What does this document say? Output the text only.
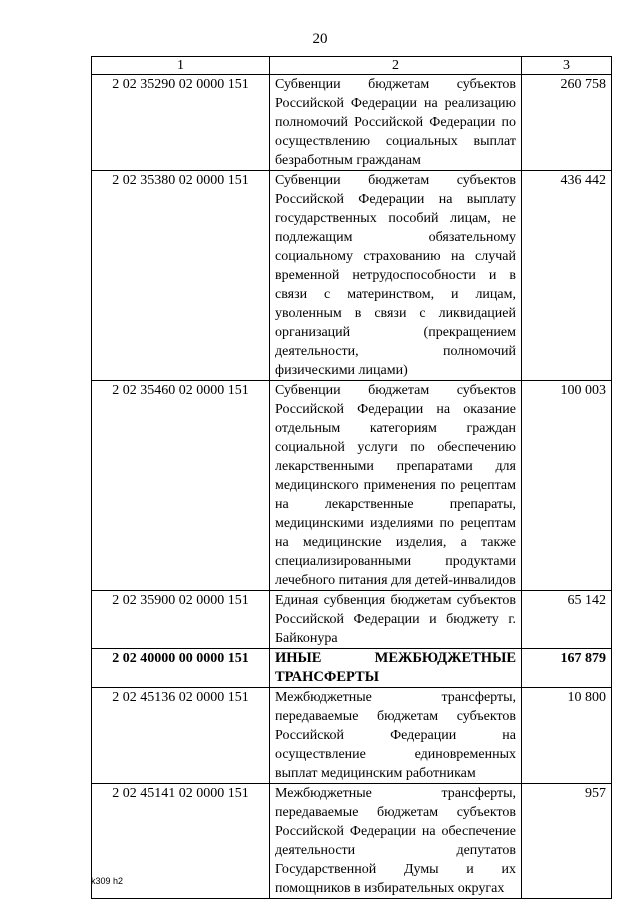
20
1	2	3
2 02 35290 02 0000 151	Субвенции бюджетам субъектов Российской Федерации на реализацию полномочий Российской Федерации по осуществлению социальных выплат безработным гражданам	260 758
2 02 35380 02 0000 151	Субвенции бюджетам субъектов Российской Федерации на выплату государственных пособий лицам, не подлежащим обязательному социальному страхованию на случай временной нетрудоспособности и в связи с материнством, и лицам, уволенным в связи с ликвидацией организаций (прекращением деятельности, полномочий физическими лицами)	436 442
2 02 35460 02 0000 151	Субвенции бюджетам субъектов Российской Федерации на оказание отдельным категориям граждан социальной услуги по обеспечению лекарственными препаратами для медицинского применения по рецептам на лекарственные препараты, медицинскими изделиями по рецептам на медицинские изделия, а также специализированными продуктами лечебного питания для детей-инвалидов	100 003
2 02 35900 02 0000 151	Единая субвенция бюджетам субъектов Российской Федерации и бюджету г. Байконура	65 142
2 02 40000 00 0000 151	ИНЫЕ МЕЖБЮДЖЕТНЫЕ ТРАНСФЕРТЫ	167 879
2 02 45136 02 0000 151	Межбюджетные трансферты, передаваемые бюджетам субъектов Российской Федерации на осуществление единовременных выплат медицинским работникам	10 800
2 02 45141 02 0000 151	Межбюджетные трансферты, передаваемые бюджетам субъектов Российской Федерации на обеспечение деятельности депутатов Государственной Думы и их помощников в избирательных округах	957
k309 h2
